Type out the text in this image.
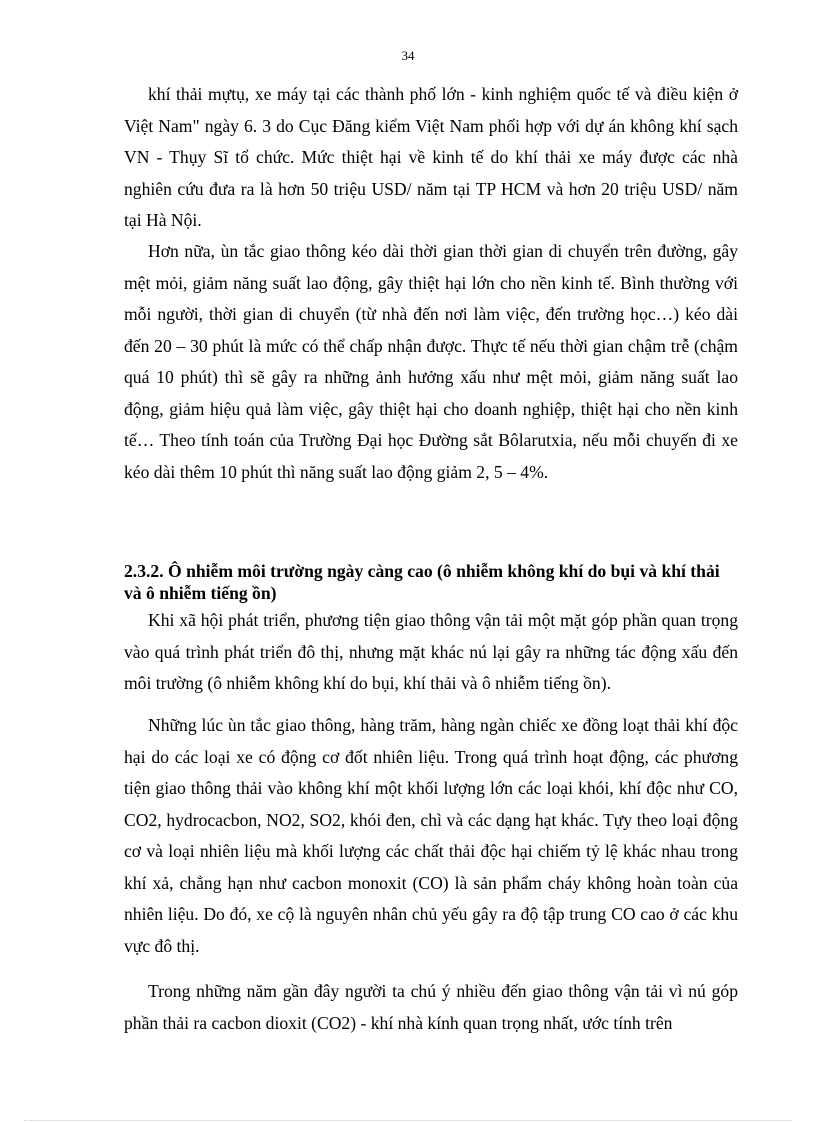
34

khí thải mựtụ, xe máy tại các thành phố lớn - kinh nghiệm quốc tế và điều kiện ở Việt Nam" ngày 6. 3 do Cục Đăng kiểm Việt Nam phối hợp với dự án không khí sạch VN - Thụy Sĩ tổ chức. Mức thiệt hại về kinh tế do khí thải xe máy được các nhà nghiên cứu đưa ra là hơn 50 triệu USD/ năm tại TP HCM và hơn 20 triệu USD/ năm tại Hà Nội.

Hơn nữa, ùn tắc giao thông kéo dài thời gian thời gian di chuyển trên đường, gây mệt mỏi, giảm năng suất lao động, gây thiệt hại lớn cho nền kinh tế. Bình thường với mỗi người, thời gian di chuyển (từ nhà đến nơi làm việc, đến trường học…) kéo dài đến 20 – 30 phút là mức có thể chấp nhận được. Thực tế nếu thời gian chậm trễ (chậm quá 10 phút) thì sẽ gây ra những ảnh hưởng xấu như mệt mỏi, giảm năng suất lao động, giảm hiệu quả làm việc, gây thiệt hại cho doanh nghiệp, thiệt hại cho nền kinh tế… Theo tính toán của Trường Đại học Đường sắt Bôlarutxia, nếu mỗi chuyến đi xe kéo dài thêm 10 phút thì năng suất lao động giảm 2, 5 – 4%.

2.3.2. Ô nhiễm môi trường ngày càng cao (ô nhiễm không khí do bụi và khí thải và ô nhiễm tiếng ồn)

Khi xã hội phát triển, phương tiện giao thông vận tải một mặt góp phần quan trọng vào quá trình phát triển đô thị, nhưng mặt khác nú lại gây ra những tác động xấu đến môi trường (ô nhiễm không khí do bụi, khí thải và ô nhiễm tiếng ồn).

Những lúc ùn tắc giao thông, hàng trăm, hàng ngàn chiếc xe đồng loạt thải khí độc hại do các loại xe có động cơ đốt nhiên liệu. Trong quá trình hoạt động, các phương tiện giao thông thải vào không khí một khối lượng lớn các loại khói, khí độc như CO, CO2, hydrocacbon, NO2, SO2, khói đen, chì và các dạng hạt khác. Tựy theo loại động cơ và loại nhiên liệu mà khối lượng các chất thải độc hại chiếm tỷ lệ khác nhau trong khí xả, chẳng hạn như cacbon monoxit (CO) là sản phẩm cháy không hoàn toàn của nhiên liệu. Do đó, xe cộ là nguyên nhân chủ yếu gây ra độ tập trung CO cao ở các khu vực đô thị.

Trong những năm gần đây người ta chú ý nhiều đến giao thông vận tải vì nú góp phần thải ra cacbon dioxit (CO2) - khí nhà kính quan trọng nhất, ước tính trên
